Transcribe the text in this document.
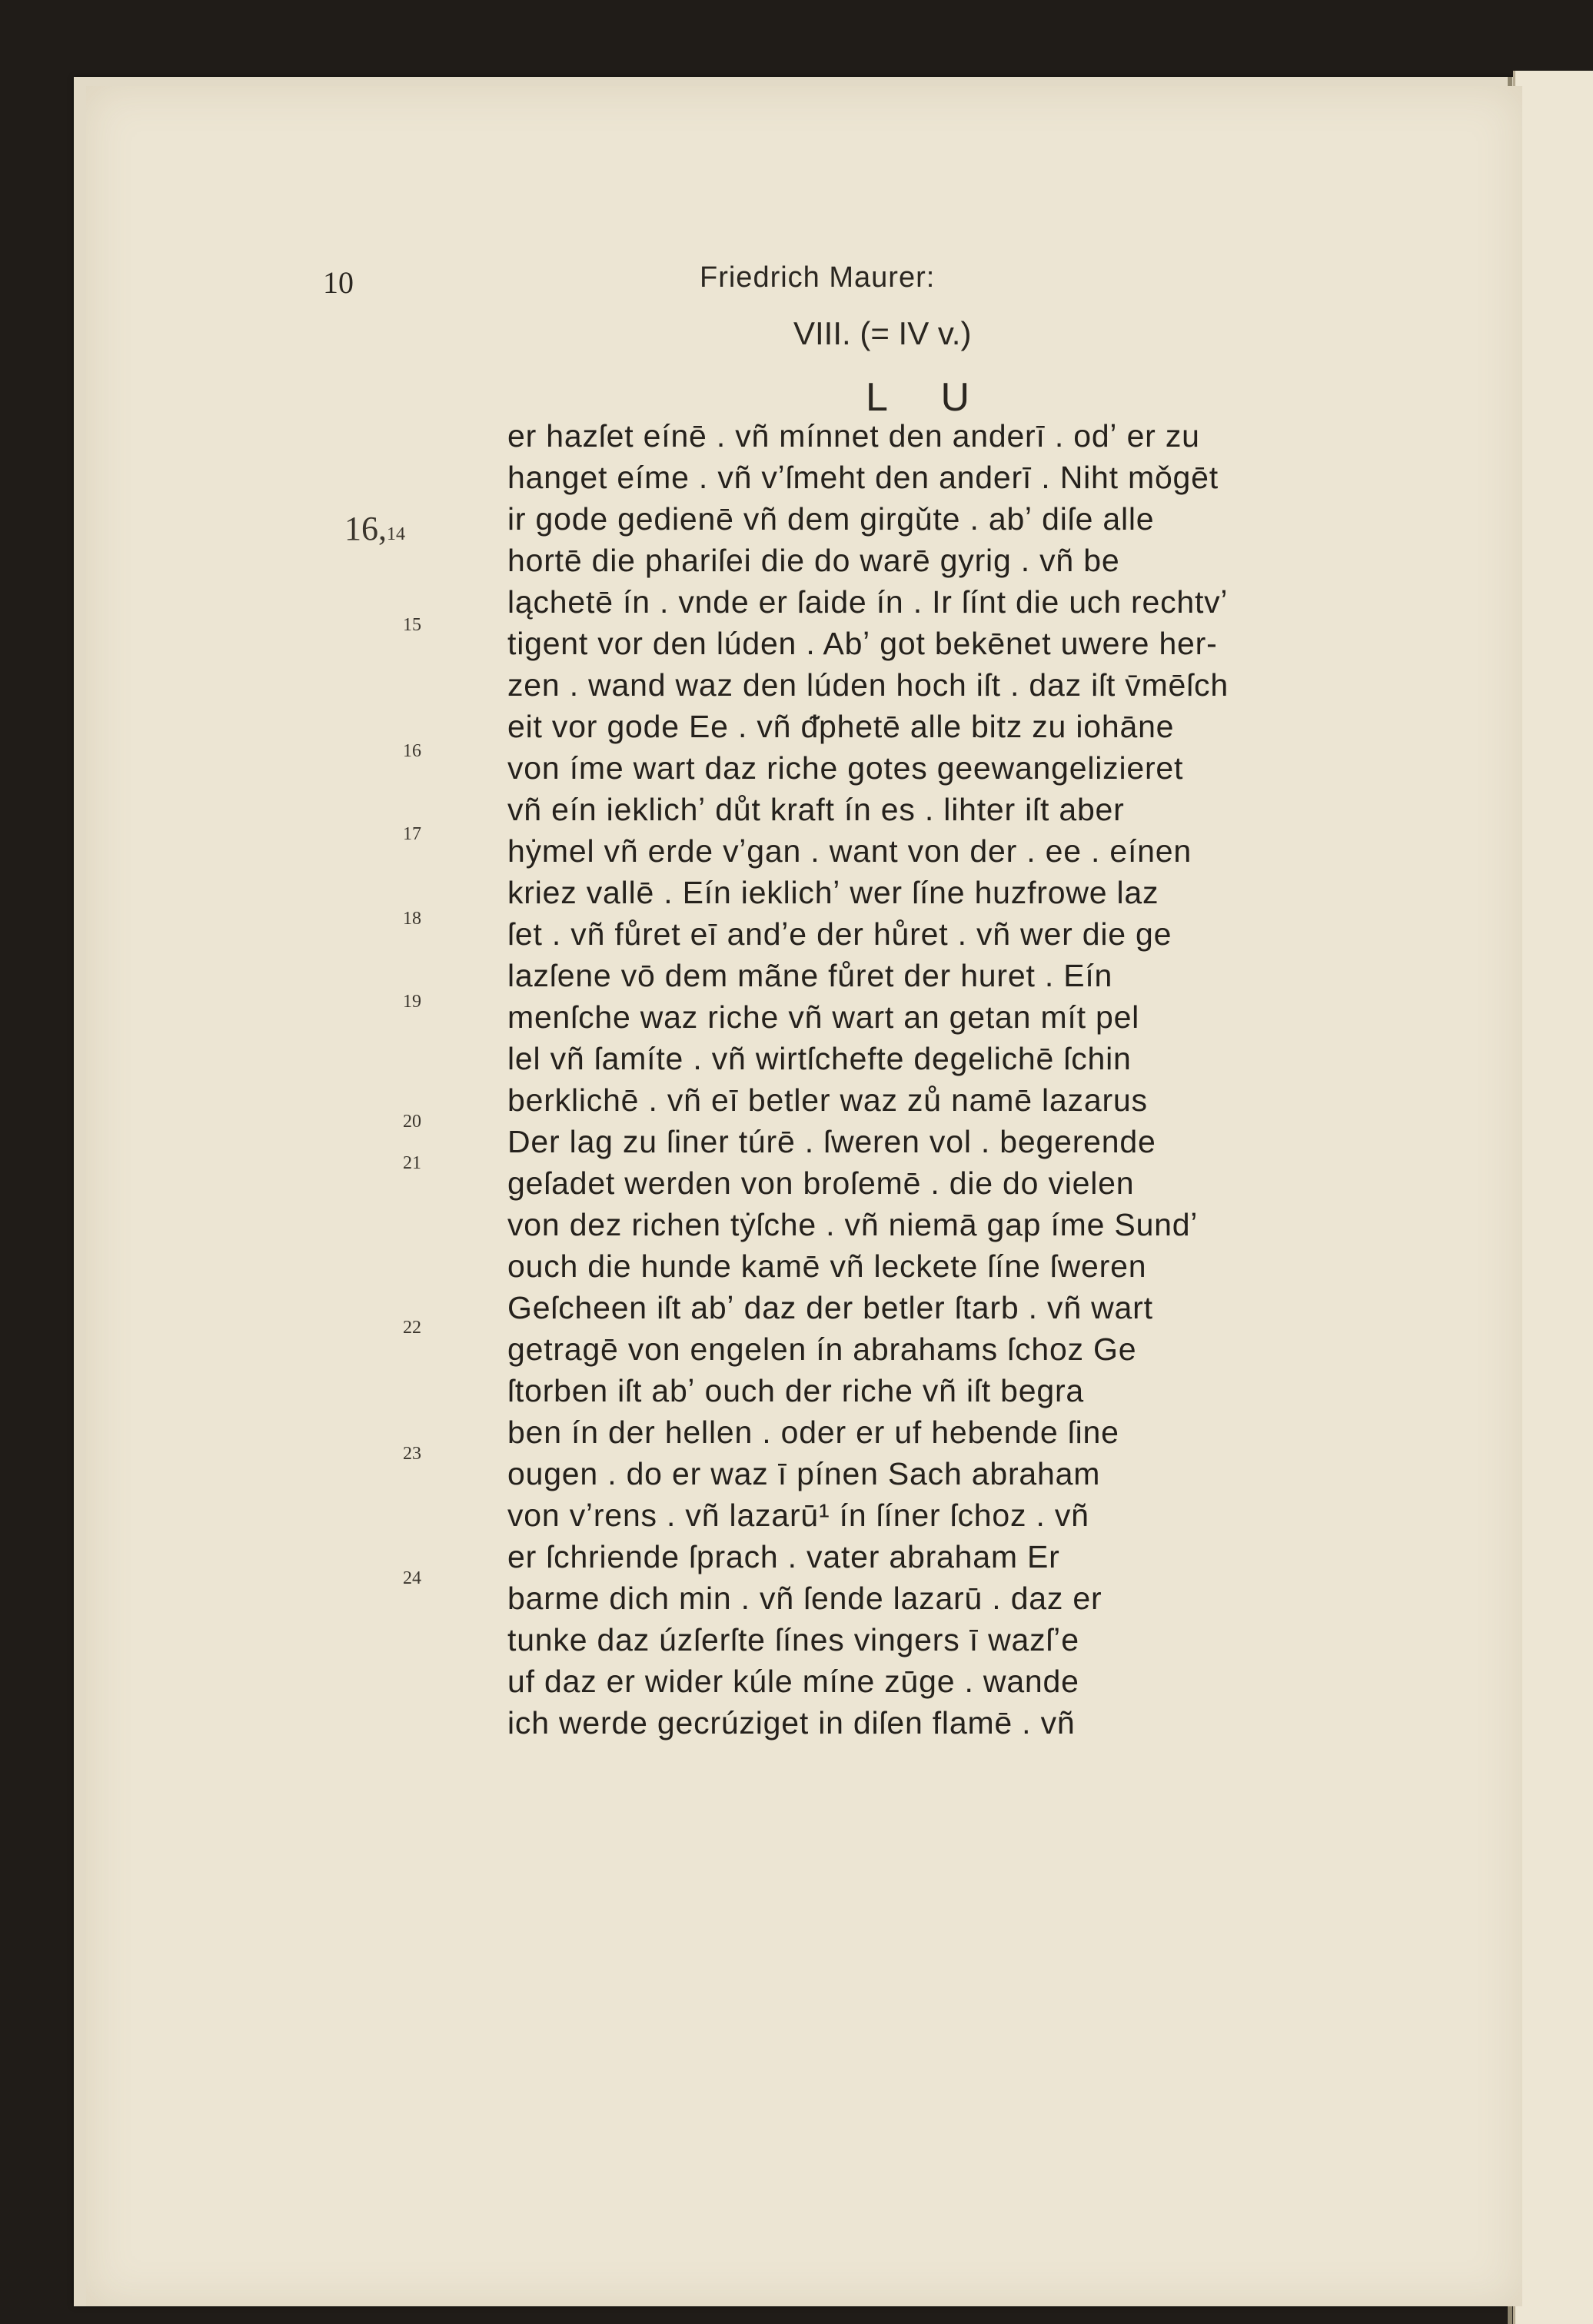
10	Friedrich Maurer:
VIII. (= IV v.)
L U
16,14
15
16
17
18
19
20
21
22
23
24
er hazſet eínē . vñ mínnet den anderī . odʼ er zu
hanget eíme . vñ vʼſmeht den anderī . Niht mǒgēt
ir gode gedienē vñ dem girgǔte . abʼ diſe alle
hortē die phariſei die do warē gyrig . vñ be
ląchetē ín . vnde er ſaide ín . Ir ſínt die uch rechtvʼ
tigent vor den lúden . Abʼ got bekēnet uwere her-
zen . wand waz den lúden hoch iſt . daz iſt v̄mēſch
eit vor gode Ee . vñ ᵭphetē alle bitz zu iohāne
von íme wart daz riche gotes geewangelizieret
vñ eín ieklichʼ důt kraft ín es . lihter iſt aber
hẏmel vñ erde vʼgan . want von der . ee . eínen
kriez vallē . Eín ieklichʼ wer ſíne huzfrowe laz
ſet . vñ fůret eī andʼe der hůret . vñ wer die ge
lazſene vō dem mãne fůret der huret . Eín
menſche waz riche vñ wart an getan mít pel
lel vñ ſamíte . vñ wirtſchefte degelichē ſchin
berklichē . vñ eī betler waz zů namē lazarus
Der lag zu ſiner túrē . ſweren vol . begerende
geſadet werden von broſemē . die do vielen
von dez richen tẏſche . vñ niemā gap íme Sundʼ
ouch die hunde kamē vñ leckete ſíne ſweren
Geſcheen iſt abʼ daz der betler ſtarb . vñ wart
getragē von engelen ín abrahams ſchoz Ge
ſtorben iſt abʼ ouch der riche vñ iſt begra
ben ín der hellen . oder er uf hebende ſine
ougen . do er waz ī pínen Sach abraham
von vʼrens . vñ lazarū¹ ín ſíner ſchoz . vñ
er ſchriende ſprach . vater abraham Er
barme dich min . vñ ſende lazarū . daz er
tunke daz úzſerſte ſínes vingers ī wazſʼe
uf daz er wider kúle míne zūge . wande
ich werde gecrúziget in diſen flamē . vñ
